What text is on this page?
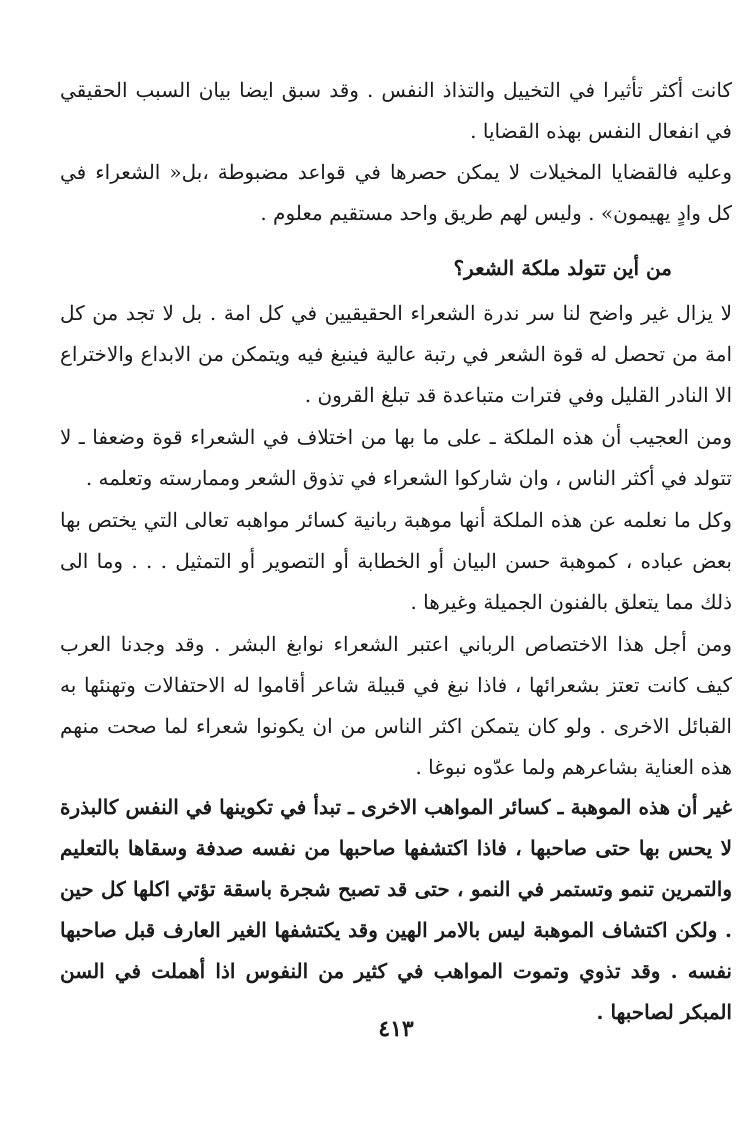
كانت أكثر تأثيرا في التخييل والتذاذ النفس . وقد سبق ايضا بيان السبب الحقيقي في انفعال النفس بهذه القضايا .

وعليه فالقضايا المخيلات لا يمكن حصرها في قواعد مضبوطة ،بل« الشعراء في كل وادٍ يهيمون» . وليس لهم طريق واحد مستقيم معلوم .

من أين تتولد ملكة الشعر؟

لا يزال غير واضح لنا سر ندرة الشعراء الحقيقيين في كل امة . بل لا تجد من كل امة من تحصل له قوة الشعر في رتبة عالية فينبغ فيه ويتمكن من الابداع والاختراع الا النادر القليل وفي فترات متباعدة قد تبلغ القرون .

ومن العجيب أن هذه الملكة ـ على ما بها من اختلاف في الشعراء قوة وضعفا ـ لا تتولد في أكثر الناس ، وان شاركوا الشعراء في تذوق الشعر وممارسته وتعلمه .

وكل ما نعلمه عن هذه الملكة أنها موهبة ربانية كسائر مواهبه تعالى التي يختص بها بعض عباده ، كموهبة حسن البيان أو الخطابة أو التصوير أو التمثيل . . . وما الى ذلك مما يتعلق بالفنون الجميلة وغيرها .

ومن أجل هذا الاختصاص الرباني اعتبر الشعراء نوابغ البشر . وقد وجدنا العرب كيف كانت تعتز بشعرائها ، فاذا نبغ في قبيلة شاعر أقاموا له الاحتفالات وتهنئها به القبائل الاخرى . ولو كان يتمكن اكثر الناس من ان يكونوا شعراء لما صحت منهم هذه العناية بشاعرهم ولما عدّوه نبوغا .

غير أن هذه الموهبة ـ كسائر المواهب الاخرى ـ تبدأ في تكوينها في النفس كالبذرة لا يحس بها حتى صاحبها ، فاذا اكتشفها صاحبها من نفسه صدفة وسقاها بالتعليم والتمرين تنمو وتستمر في النمو ، حتى قد تصبح شجرة باسقة تؤتي اكلها كل حين . ولكن اكتشاف الموهبة ليس بالامر الهين وقد يكتشفها الغير العارف قبل صاحبها نفسه . وقد تذوي وتموت المواهب في كثير من النفوس اذا أهملت في السن المبكر لصاحبها .

٤١٣
